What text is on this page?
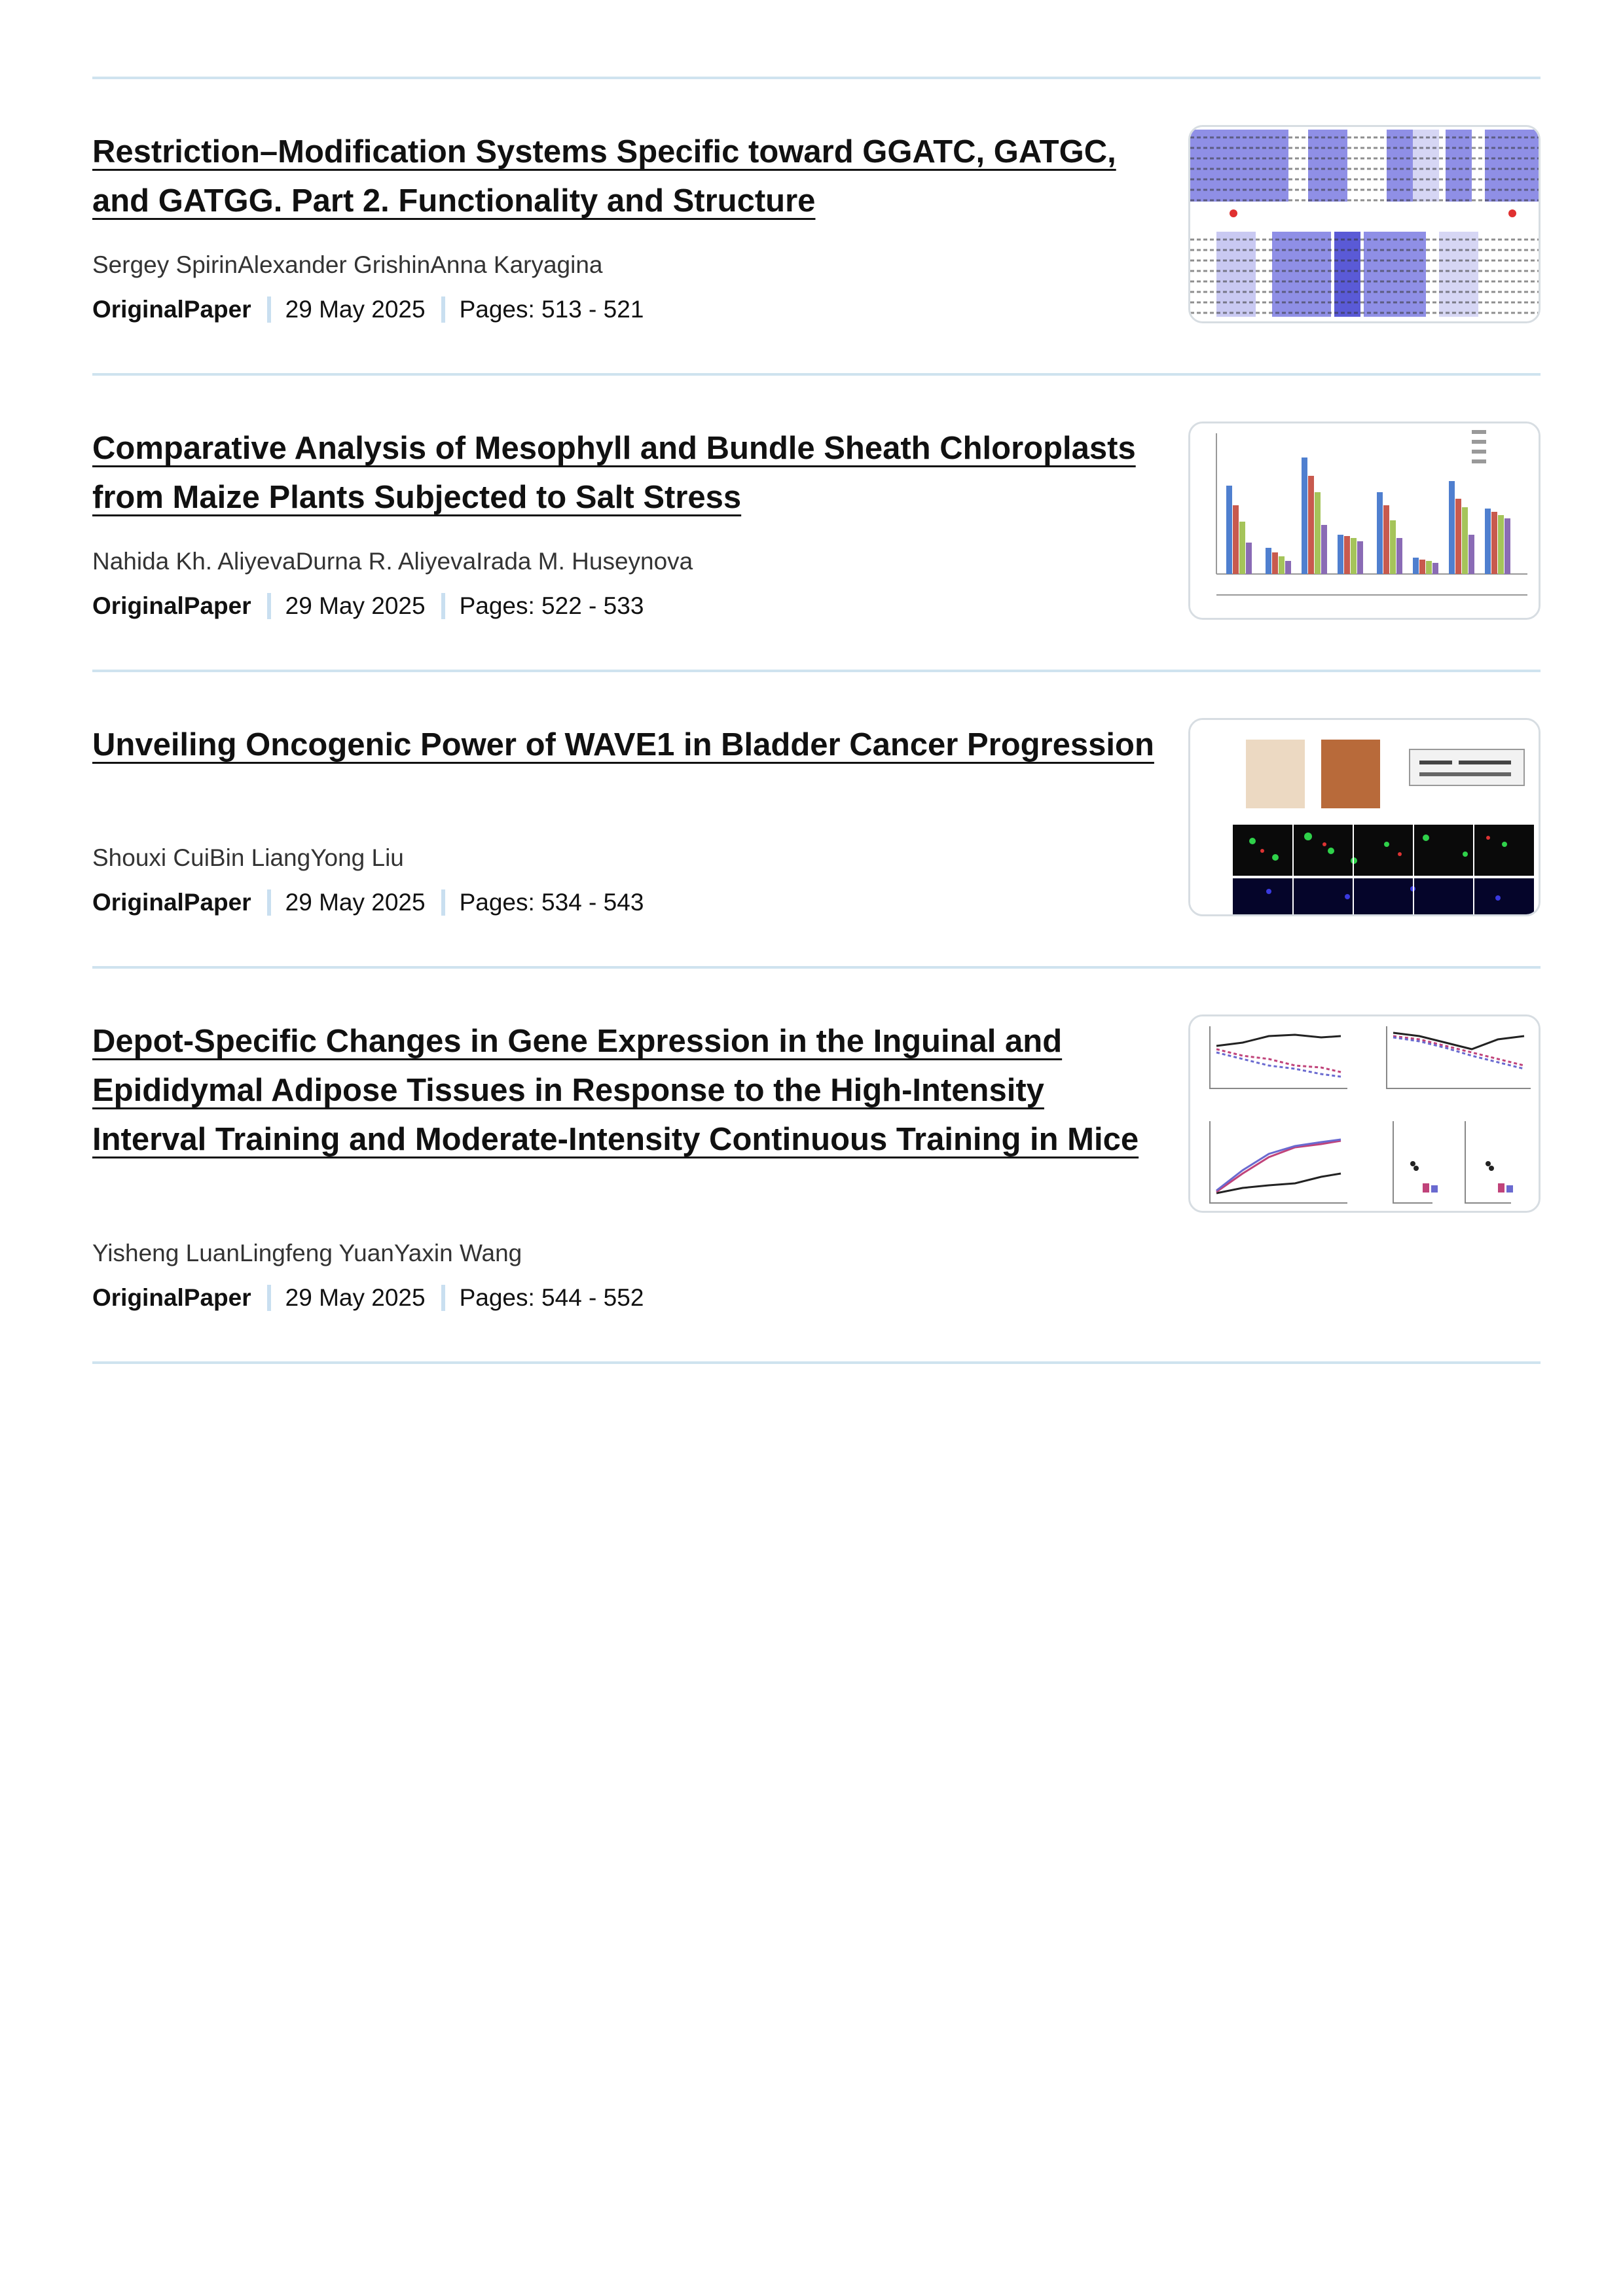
Restriction–Modification Systems Specific toward GGATC, GATGC, and GATGG. Part 2. Functionality and Structure
Sergey SpirinAlexander GrishinAnna Karyagina
OriginalPaper 29 May 2025 Pages: 513 - 521
Comparative Analysis of Mesophyll and Bundle Sheath Chloroplasts from Maize Plants Subjected to Salt Stress
Nahida Kh. AliyevaDurna R. AliyevaIrada M. Huseynova
OriginalPaper 29 May 2025 Pages: 522 - 533
Unveiling Oncogenic Power of WAVE1 in Bladder Cancer Progression
Shouxi CuiBin LiangYong Liu
OriginalPaper 29 May 2025 Pages: 534 - 543
Depot-Specific Changes in Gene Expression in the Inguinal and Epididymal Adipose Tissues in Response to the High-Intensity Interval Training and Moderate-Intensity Continuous Training in Mice
Yisheng LuanLingfeng YuanYaxin Wang
OriginalPaper 29 May 2025 Pages: 544 - 552
